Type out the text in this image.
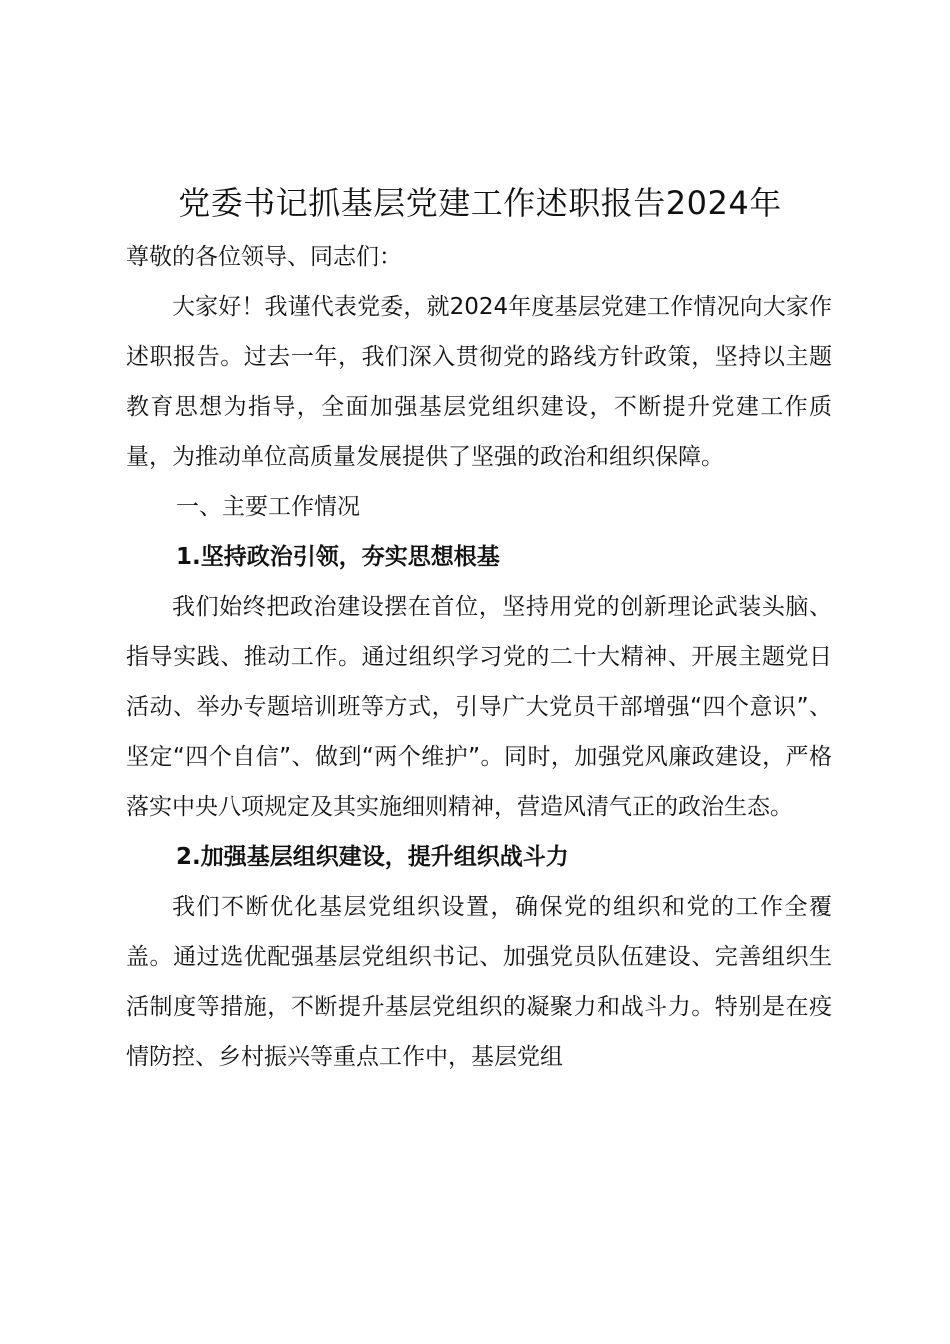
党委书记抓基层党建工作述职报告2024年

尊敬的各位领导、同志们：

大家好！我谨代表党委，就2024年度基层党建工作情况向大家作述职报告。过去一年，我们深入贯彻党的路线方针政策，坚持以主题教育思想为指导，全面加强基层党组织建设，不断提升党建工作质量，为推动单位高质量发展提供了坚强的政治和组织保障。

一、主要工作情况

1.坚持政治引领，夯实思想根基

我们始终把政治建设摆在首位，坚持用党的创新理论武装头脑、指导实践、推动工作。通过组织学习党的二十大精神、开展主题党日活动、举办专题培训班等方式，引导广大党员干部增强“四个意识”、坚定“四个自信”、做到“两个维护”。同时，加强党风廉政建设，严格落实中央八项规定及其实施细则精神，营造风清气正的政治生态。

2.加强基层组织建设，提升组织战斗力

我们不断优化基层党组织设置，确保党的组织和党的工作全覆盖。通过选优配强基层党组织书记、加强党员队伍建设、完善组织生活制度等措施，不断提升基层党组织的凝聚力和战斗力。特别是在疫情防控、乡村振兴等重点工作中，基层党组
